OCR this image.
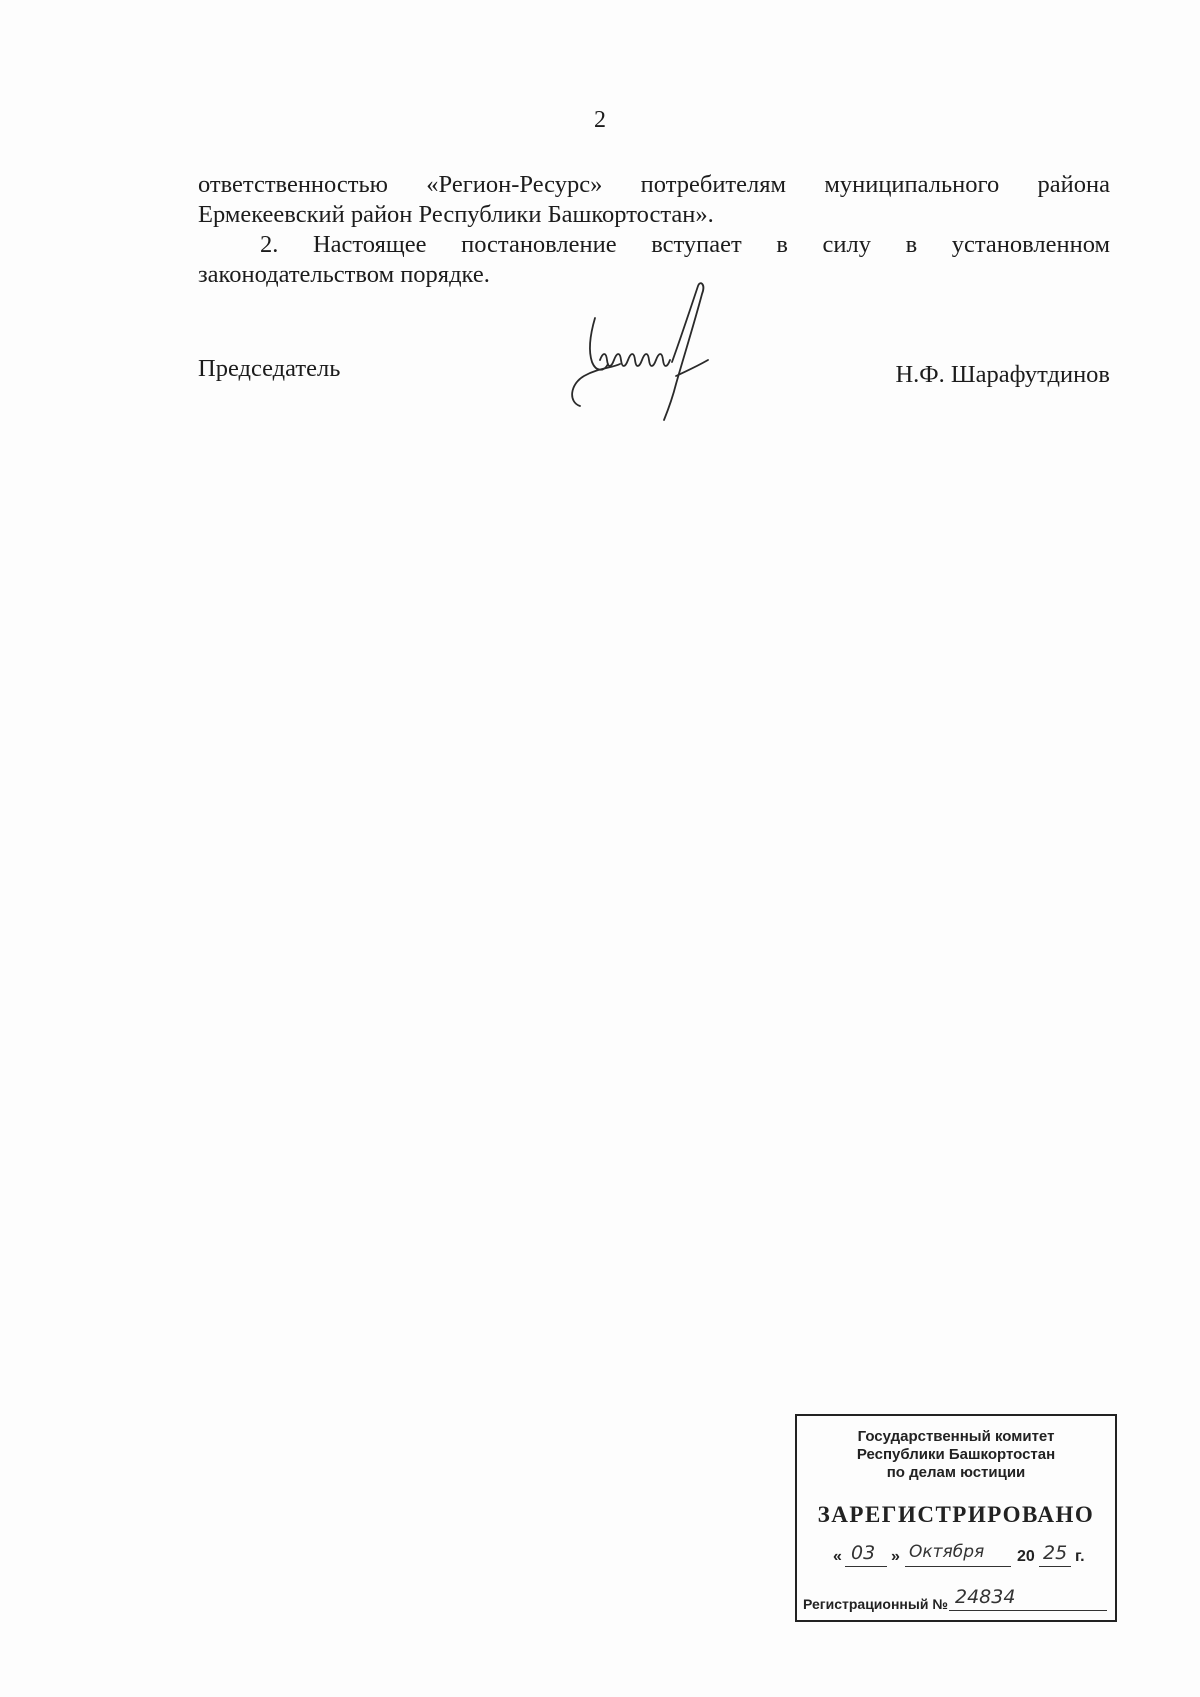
2

ответственностью «Регион-Ресурс» потребителям муниципального района Ермекеевский район Республики Башкортостан».

2. Настоящее постановление вступает в силу в установленном законодательством порядке.

Председатель	Н.Ф. Шарафутдинов
Государственный комитет
Республики Башкортостан
по делам юстиции
ЗАРЕГИСТРИРОВАНО
« 03 » Октября 20 25 г.
Регистрационный № 24834
